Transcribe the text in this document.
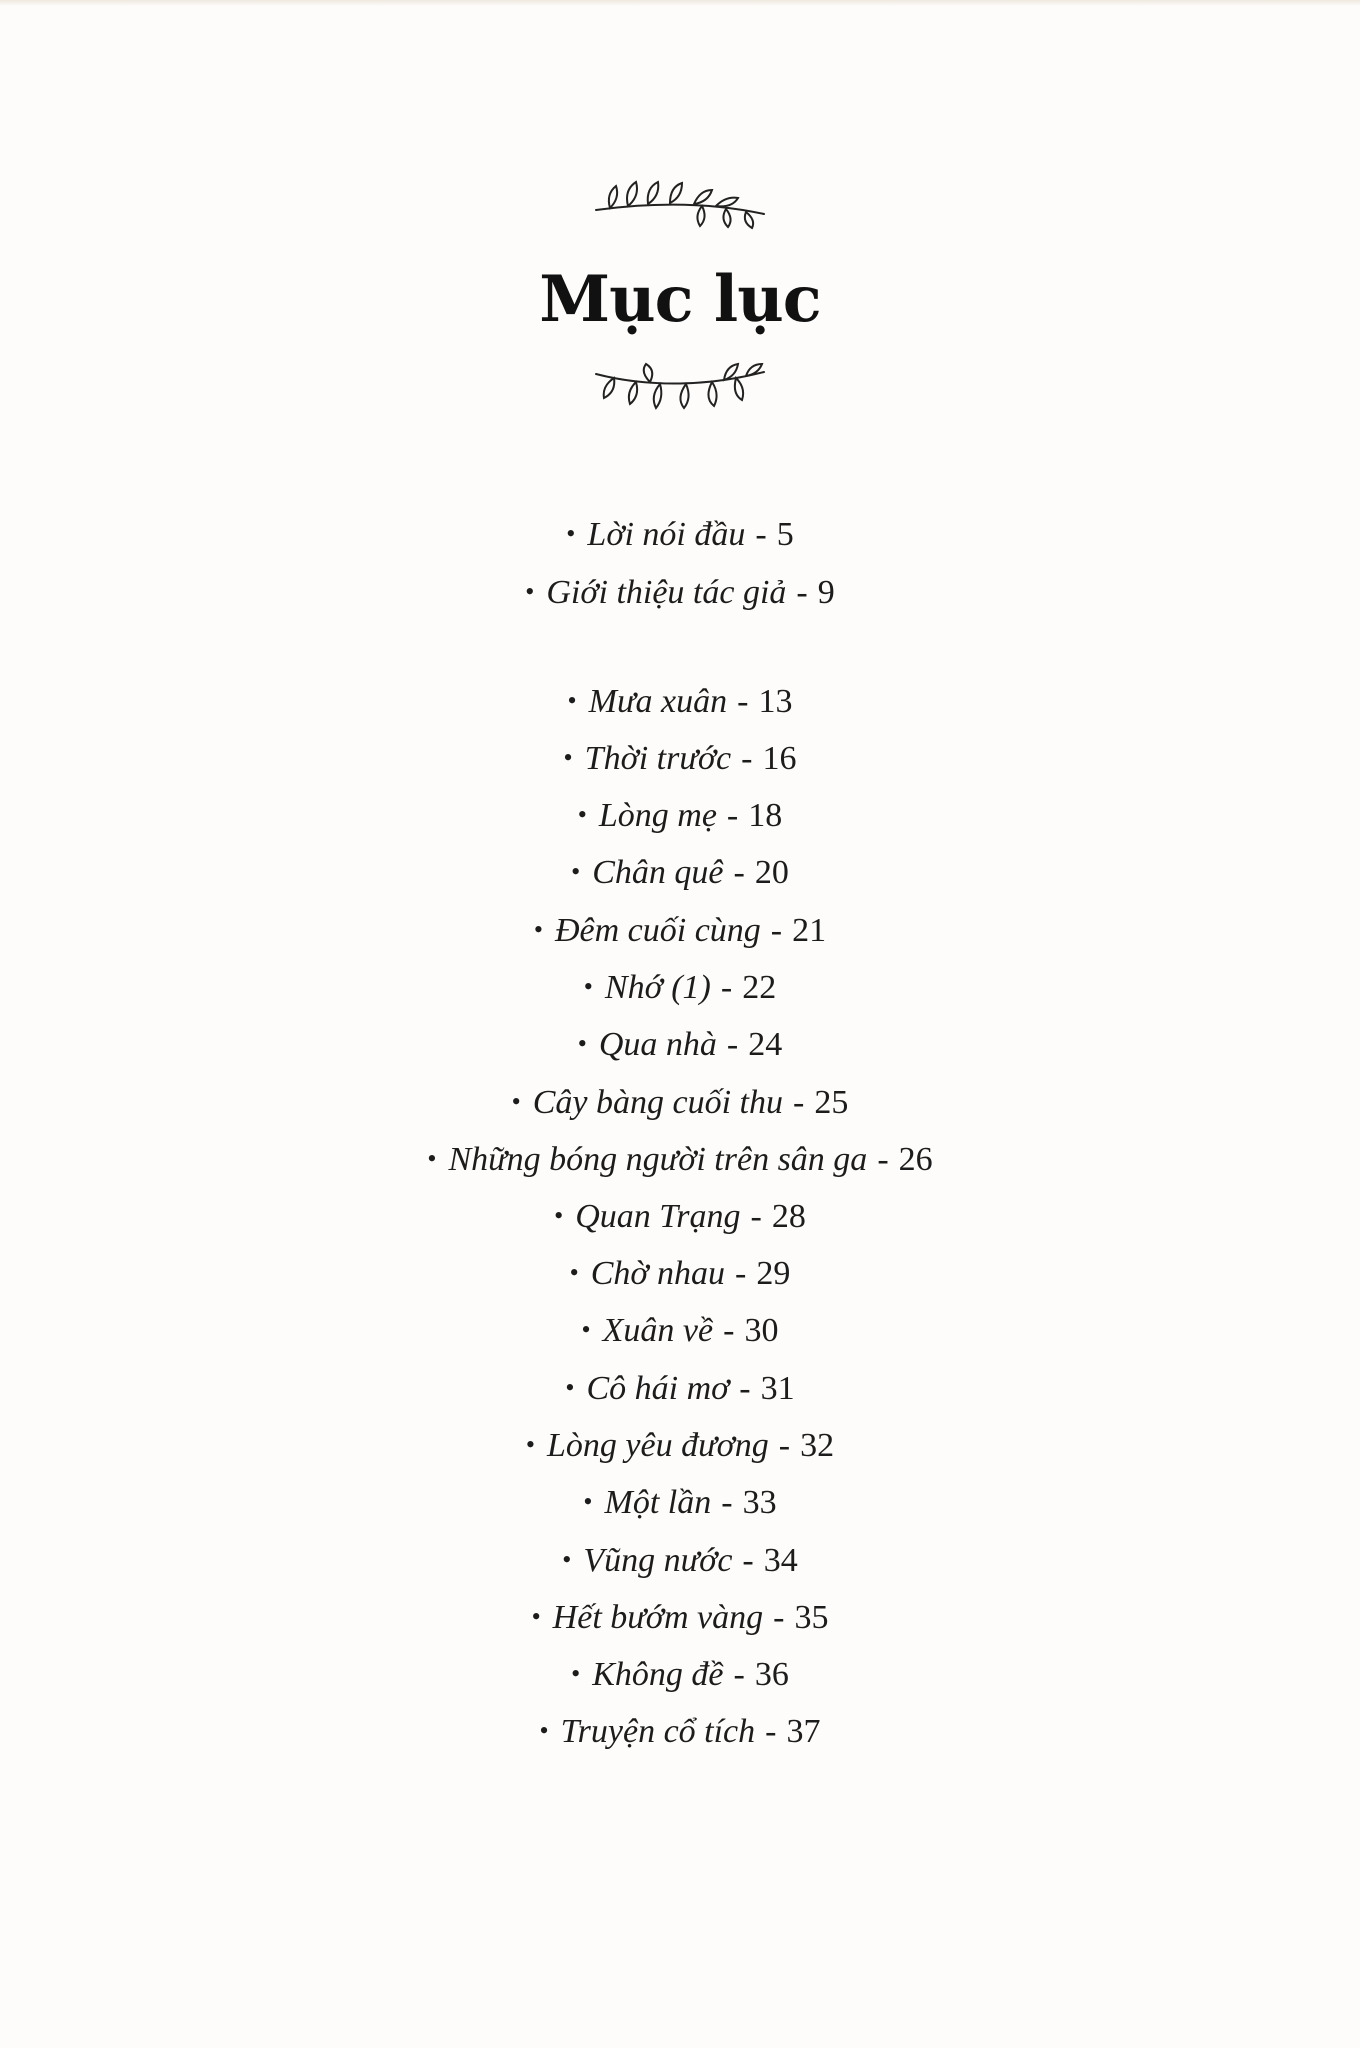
Mục lục
• Lời nói đầu - 5
• Giới thiệu tác giả - 9
• Mưa xuân - 13
• Thời trước - 16
• Lòng mẹ - 18
• Chân quê - 20
• Đêm cuối cùng - 21
• Nhớ (1) - 22
• Qua nhà - 24
• Cây bàng cuối thu - 25
• Những bóng người trên sân ga - 26
• Quan Trạng - 28
• Chờ nhau - 29
• Xuân về - 30
• Cô hái mơ - 31
• Lòng yêu đương - 32
• Một lần - 33
• Vũng nước - 34
• Hết bướm vàng - 35
• Không đề - 36
• Truyện cổ tích - 37
